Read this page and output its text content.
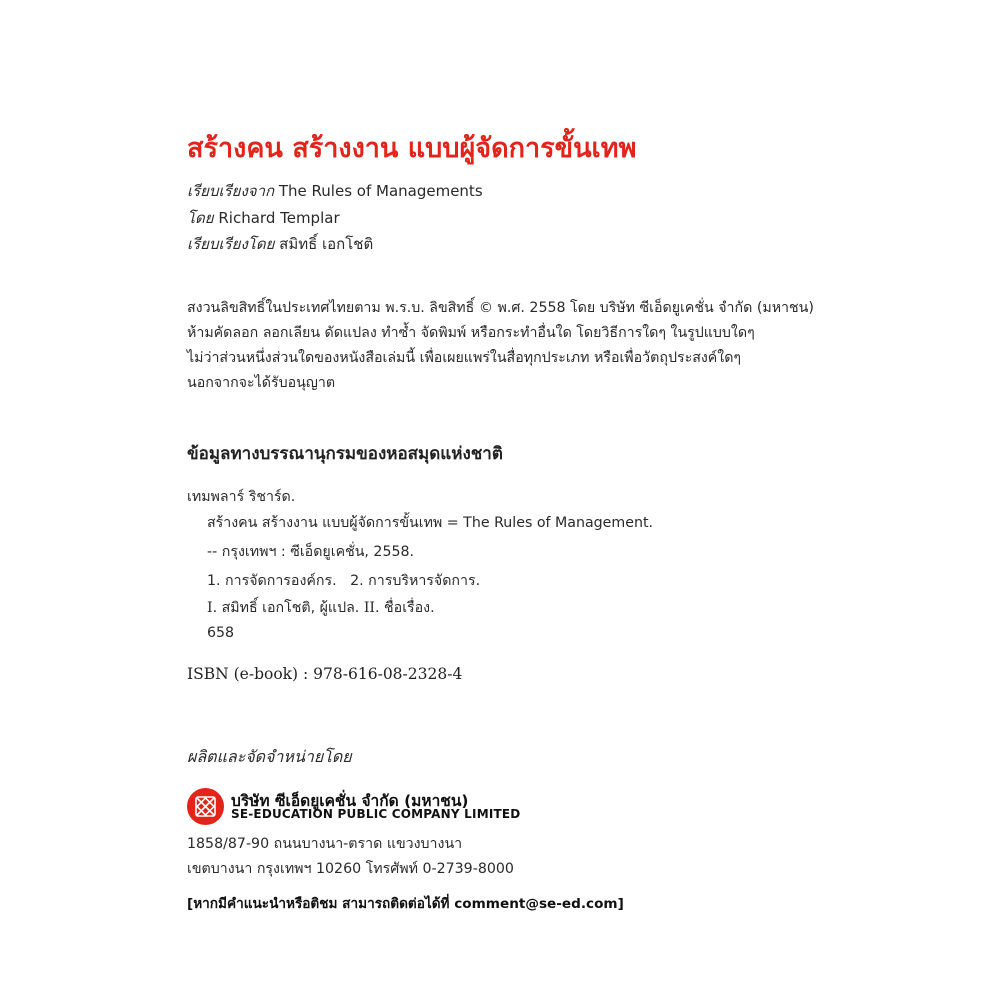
สร้างคน สร้างงาน แบบผู้จัดการขั้นเทพ
เรียบเรียงจาก The Rules of Managements
โดย Richard Templar
เรียบเรียงโดย สมิทธิ์ เอกโชติ
สงวนลิขสิทธิ์ในประเทศไทยตาม พ.ร.บ. ลิขสิทธิ์ © พ.ศ. 2558 โดย บริษัท ซีเอ็ดยูเคชั่น จำกัด (มหาชน)
ห้ามคัดลอก ลอกเลียน ดัดแปลง ทำซ้ำ จัดพิมพ์ หรือกระทำอื่นใด โดยวิธีการใดๆ ในรูปแบบใดๆ
ไม่ว่าส่วนหนึ่งส่วนใดของหนังสือเล่มนี้ เพื่อเผยแพร่ในสื่อทุกประเภท หรือเพื่อวัตถุประสงค์ใดๆ
นอกจากจะได้รับอนุญาต
ข้อมูลทางบรรณานุกรมของหอสมุดแห่งชาติ
เทมพลาร์ ริชาร์ด.
สร้างคน สร้างงาน แบบผู้จัดการขั้นเทพ = The Rules of Management.
-- กรุงเทพฯ : ซีเอ็ดยูเคชั่น, 2558.
1. การจัดการองค์กร.   2. การบริหารจัดการ.
I. สมิทธิ์ เอกโชติ, ผู้แปล. II. ชื่อเรื่อง.
658
ISBN (e-book) : 978-616-08-2328-4
ผลิตและจัดจำหน่ายโดย
บริษัท ซีเอ็ดยูเคชั่น จำกัด (มหาชน)
SE-EDUCATION PUBLIC COMPANY LIMITED
1858/87-90 ถนนบางนา-ตราด แขวงบางนา
เขตบางนา กรุงเทพฯ 10260 โทรศัพท์ 0-2739-8000
[หากมีคำแนะนำหรือติชม สามารถติดต่อได้ที่ comment@se-ed.com]
